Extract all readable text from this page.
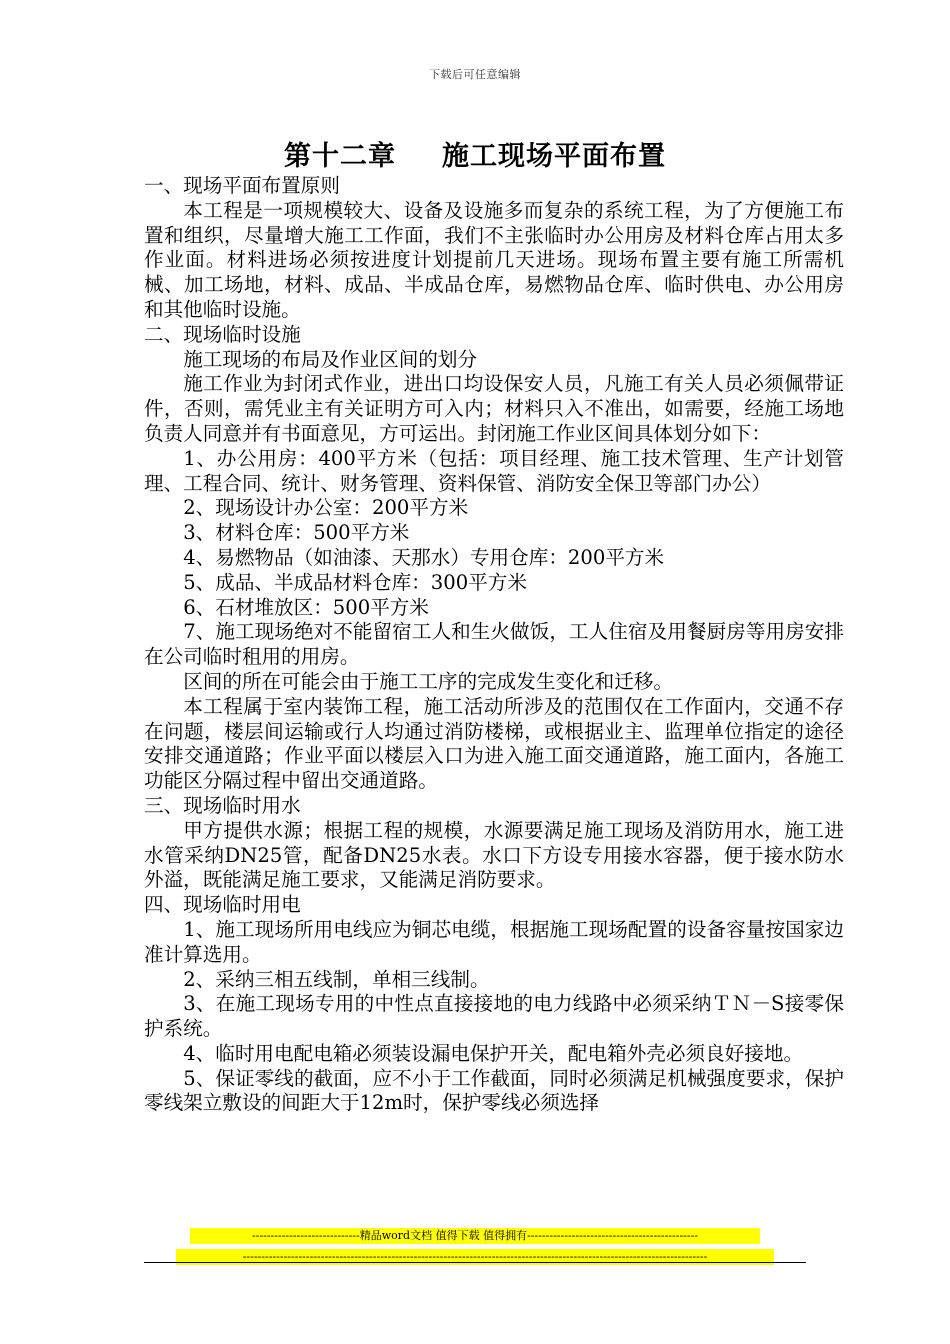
下载后可任意编辑
第十二章 施工现场平面布置

一、现场平面布置原则

本工程是一项规模较大、设备及设施多而复杂的系统工程，为了方便施工布置和组织，尽量增大施工工作面，我们不主张临时办公用房及材料仓库占用太多作业面。材料进场必须按进度计划提前几天进场。现场布置主要有施工所需机械、加工场地，材料、成品、半成品仓库，易燃物品仓库、临时供电、办公用房和其他临时设施。

二、现场临时设施

施工现场的布局及作业区间的划分

施工作业为封闭式作业，进出口均设保安人员，凡施工有关人员必须佩带证件，否则，需凭业主有关证明方可入内；材料只入不准出，如需要，经施工场地负责人同意并有书面意见，方可运出。封闭施工作业区间具体划分如下：

1、办公用房：400平方米（包括：项目经理、施工技术管理、生产计划管理、工程合同、统计、财务管理、资料保管、消防安全保卫等部门办公）

2、现场设计办公室：200平方米

3、材料仓库：500平方米

4、易燃物品（如油漆、天那水）专用仓库：200平方米

5、成品、半成品材料仓库：300平方米

6、石材堆放区：500平方米

7、施工现场绝对不能留宿工人和生火做饭，工人住宿及用餐厨房等用房安排在公司临时租用的用房。

区间的所在可能会由于施工工序的完成发生变化和迁移。

本工程属于室内装饰工程，施工活动所涉及的范围仅在工作面内，交通不存在问题，楼层间运输或行人均通过消防楼梯，或根据业主、监理单位指定的途径安排交通道路；作业平面以楼层入口为进入施工面交通道路，施工面内，各施工功能区分隔过程中留出交通道路。

三、现场临时用水

甲方提供水源；根据工程的规模，水源要满足施工现场及消防用水，施工进水管采纳DN25管，配备DN25水表。水口下方设专用接水容器，便于接水防水外溢，既能满足施工要求，又能满足消防要求。

四、现场临时用电

1、施工现场所用电线应为铜芯电缆，根据施工现场配置的设备容量按国家边准计算选用。

2、采纳三相五线制，单相三线制。

3、在施工现场专用的中性点直接接地的电力线路中必须采纳ＴＮ－S接零保护系统。

4、临时用电配电箱必须装设漏电保护开关，配电箱外壳必须良好接地。

5、保证零线的截面，应不小于工作截面，同时必须满足机械强度要求，保护零线架立敷设的间距大于12m时，保护零线必须选择

-----------------------------精品word文档 值得下载 值得拥有----------------------------------------------
-----------------------------------------------------------------------------------------------------------------------------
